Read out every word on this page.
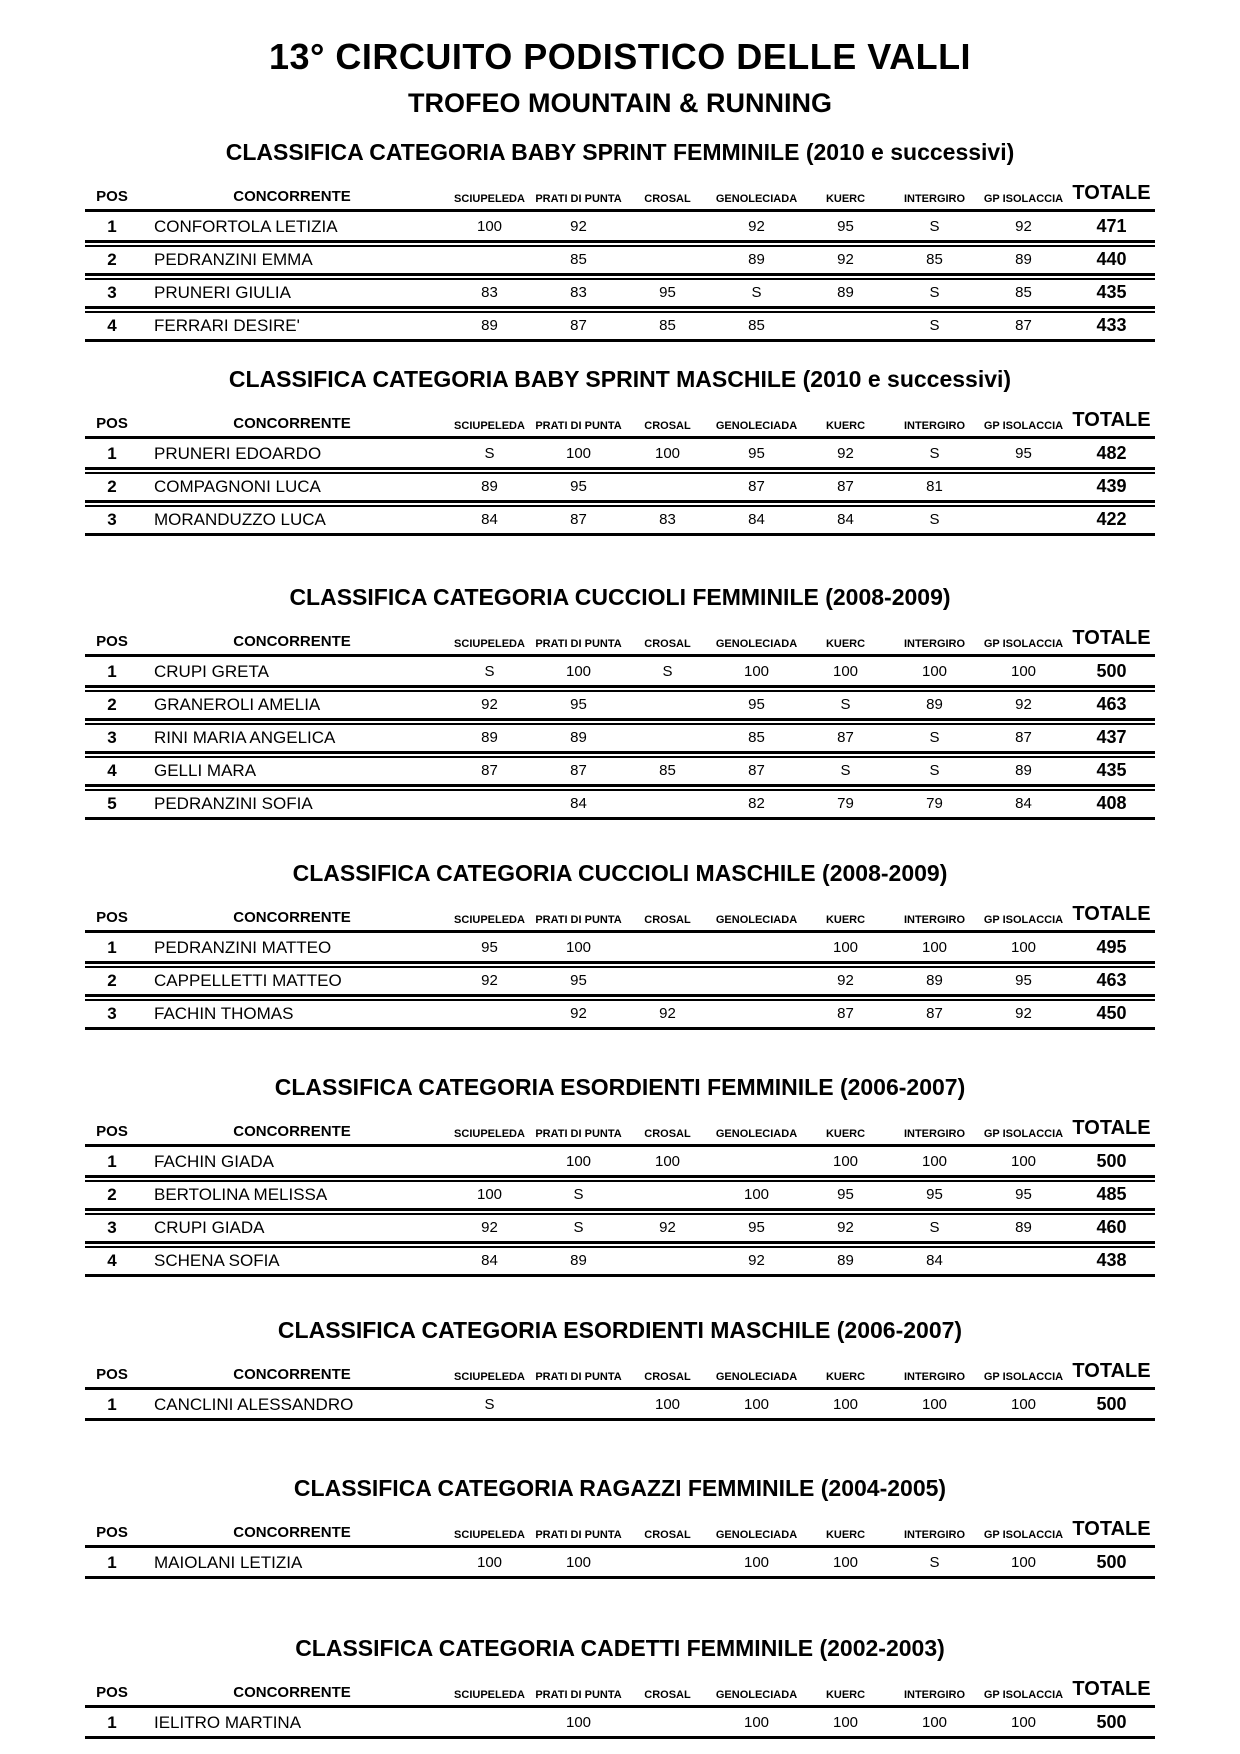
13° CIRCUITO PODISTICO DELLE VALLI
TROFEO MOUNTAIN & RUNNING
CLASSIFICA CATEGORIA BABY SPRINT FEMMINILE (2010 e successivi)
POS	CONCORRENTE	SCIUPELEDA	PRATI DI PUNTA	CROSAL	GENOLECIADA	KUERC	INTERGIRO	GP ISOLACCIA	TOTALE
1	CONFORTOLA LETIZIA	100	92		92	95	S	92	471
2	PEDRANZINI EMMA		85		89	92	85	89	440
3	PRUNERI GIULIA	83	83	95	S	89	S	85	435
4	FERRARI DESIRE'	89	87	85	85		S	87	433
CLASSIFICA CATEGORIA BABY SPRINT MASCHILE (2010 e successivi)
POS	CONCORRENTE	SCIUPELEDA	PRATI DI PUNTA	CROSAL	GENOLECIADA	KUERC	INTERGIRO	GP ISOLACCIA	TOTALE
1	PRUNERI EDOARDO	S	100	100	95	92	S	95	482
2	COMPAGNONI LUCA	89	95		87	87	81		439
3	MORANDUZZO LUCA	84	87	83	84	84	S		422
CLASSIFICA CATEGORIA CUCCIOLI FEMMINILE (2008-2009)
POS	CONCORRENTE	SCIUPELEDA	PRATI DI PUNTA	CROSAL	GENOLECIADA	KUERC	INTERGIRO	GP ISOLACCIA	TOTALE
1	CRUPI GRETA	S	100	S	100	100	100	100	500
2	GRANEROLI AMELIA	92	95		95	S	89	92	463
3	RINI MARIA ANGELICA	89	89		85	87	S	87	437
4	GELLI MARA	87	87	85	87	S	S	89	435
5	PEDRANZINI SOFIA		84		82	79	79	84	408
CLASSIFICA CATEGORIA CUCCIOLI MASCHILE (2008-2009)
POS	CONCORRENTE	SCIUPELEDA	PRATI DI PUNTA	CROSAL	GENOLECIADA	KUERC	INTERGIRO	GP ISOLACCIA	TOTALE
1	PEDRANZINI MATTEO	95	100			100	100	100	495
2	CAPPELLETTI MATTEO	92	95			92	89	95	463
3	FACHIN THOMAS		92	92		87	87	92	450
CLASSIFICA CATEGORIA ESORDIENTI FEMMINILE (2006-2007)
POS	CONCORRENTE	SCIUPELEDA	PRATI DI PUNTA	CROSAL	GENOLECIADA	KUERC	INTERGIRO	GP ISOLACCIA	TOTALE
1	FACHIN GIADA		100	100		100	100	100	500
2	BERTOLINA MELISSA	100	S		100	95	95	95	485
3	CRUPI GIADA	92	S	92	95	92	S	89	460
4	SCHENA SOFIA	84	89		92	89	84		438
CLASSIFICA CATEGORIA ESORDIENTI MASCHILE (2006-2007)
POS	CONCORRENTE	SCIUPELEDA	PRATI DI PUNTA	CROSAL	GENOLECIADA	KUERC	INTERGIRO	GP ISOLACCIA	TOTALE
1	CANCLINI ALESSANDRO	S		100	100	100	100	100	500
CLASSIFICA CATEGORIA RAGAZZI FEMMINILE (2004-2005)
POS	CONCORRENTE	SCIUPELEDA	PRATI DI PUNTA	CROSAL	GENOLECIADA	KUERC	INTERGIRO	GP ISOLACCIA	TOTALE
1	MAIOLANI LETIZIA	100	100		100	100	S	100	500
CLASSIFICA CATEGORIA CADETTI FEMMINILE (2002-2003)
POS	CONCORRENTE	SCIUPELEDA	PRATI DI PUNTA	CROSAL	GENOLECIADA	KUERC	INTERGIRO	GP ISOLACCIA	TOTALE
1	IELITRO MARTINA		100		100	100	100	100	500
